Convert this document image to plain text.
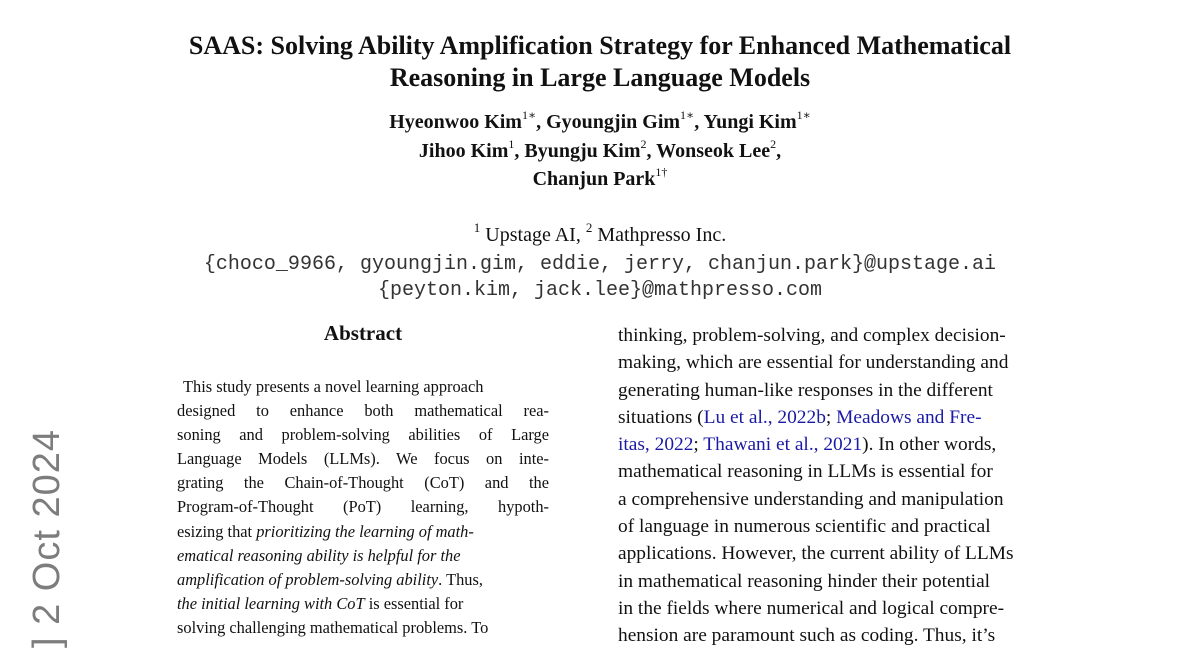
] 2 Oct 2024
SAAS: Solving Ability Amplification Strategy for Enhanced Mathematical
Reasoning in Large Language Models
Hyeonwoo Kim$^{1∗}$, Gyoungjin Gim$^{1∗}$, Yungi Kim$^{1∗}$
Jihoo Kim$^1$, Byungju Kim$^2$, Wonseok Lee$^2$,
Chanjun Park$^{1\dagger}$
$^1$ Upstage AI, $^2$ Mathpresso Inc.
{choco_9966, gyoungjin.gim, eddie, jerry, chanjun.park}@upstage.ai
{peyton.kim, jack.lee}@mathpresso.com
Abstract
This study presents a novel learning approach
designed to enhance both mathematical rea-
soning and problem-solving abilities of Large
Language Models (LLMs). We focus on inte-
grating the Chain-of-Thought (CoT) and the
Program-of-Thought (PoT) learning, hypoth-
esizing that prioritizing the learning of math-
ematical reasoning ability is helpful for the
amplification of problem-solving ability. Thus,
the initial learning with CoT is essential for
solving challenging mathematical problems. To
thinking, problem-solving, and complex decision-
making, which are essential for understanding and
generating human-like responses in the different
situations (Lu et al., 2022b; Meadows and Fre-
itas, 2022; Thawani et al., 2021). In other words,
mathematical reasoning in LLMs is essential for
a comprehensive understanding and manipulation
of language in numerous scientific and practical
applications. However, the current ability of LLMs
in mathematical reasoning hinder their potential
in the fields where numerical and logical compre-
hension are paramount such as coding. Thus, it’s
